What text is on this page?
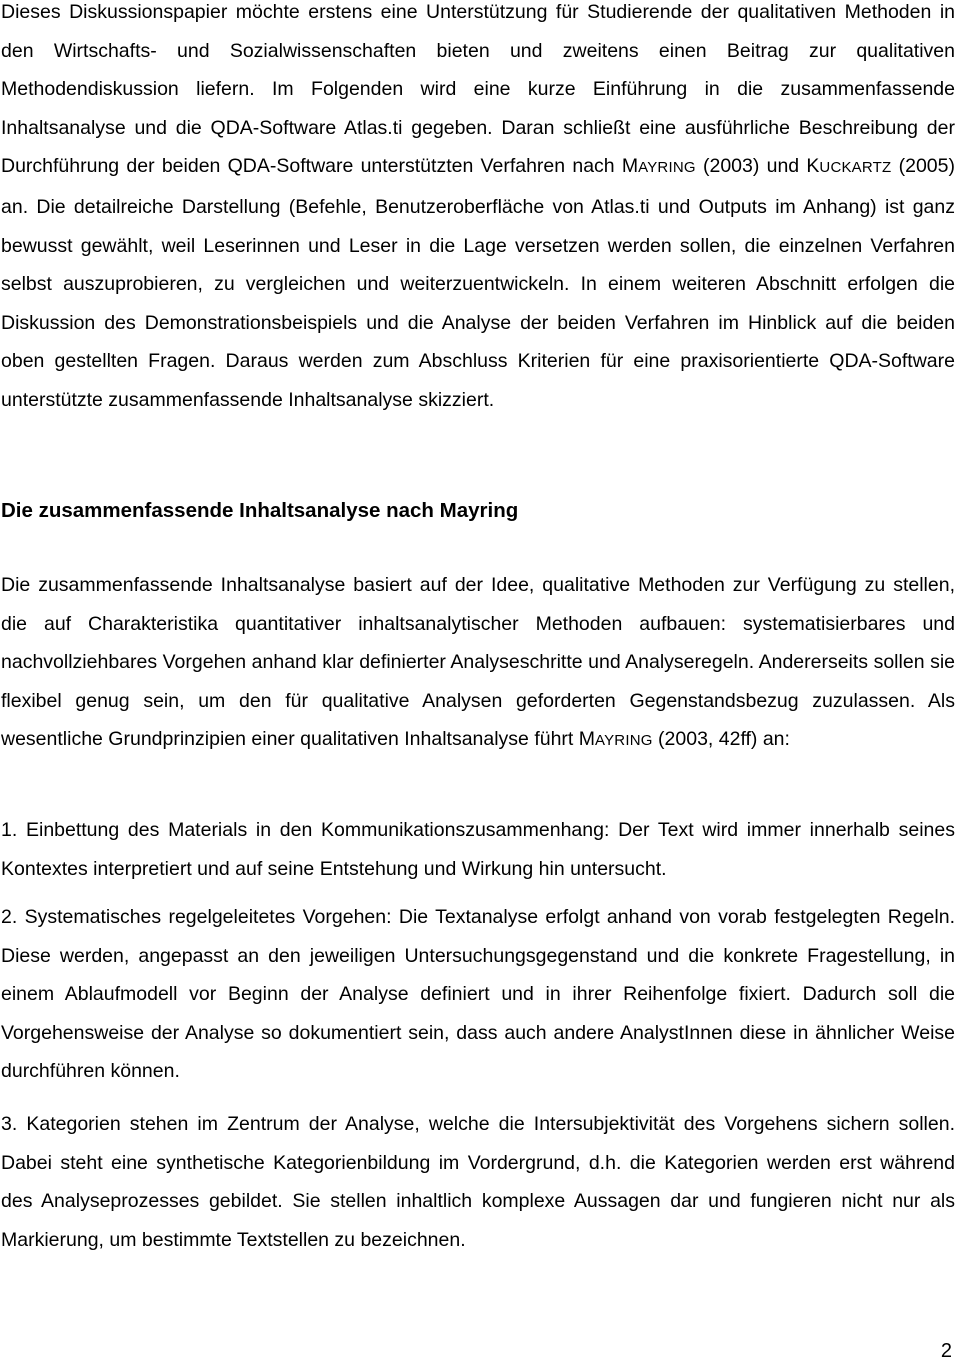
Dieses Diskussionspapier möchte erstens eine Unterstützung für Studierende der qualitativen Methoden in den Wirtschafts- und Sozialwissenschaften bieten und zweitens einen Beitrag zur qualitativen Methodendiskussion liefern. Im Folgenden wird eine kurze Einführung in die zusammenfassende Inhaltsanalyse und die QDA-Software Atlas.ti gegeben. Daran schließt eine ausführliche Beschreibung der Durchführung der beiden QDA-Software unterstützten Verfahren nach MAYRING (2003) und KUCKARTZ (2005) an. Die detailreiche Darstellung (Befehle, Benutzeroberfläche von Atlas.ti und Outputs im Anhang) ist ganz bewusst gewählt, weil Leserinnen und Leser in die Lage versetzen werden sollen, die einzelnen Verfahren selbst auszuprobieren, zu vergleichen und weiterzuentwickeln. In einem weiteren Abschnitt erfolgen die Diskussion des Demonstrationsbeispiels und die Analyse der beiden Verfahren im Hinblick auf die beiden oben gestellten Fragen. Daraus werden zum Abschluss Kriterien für eine praxisorientierte QDA-Software unterstützte zusammenfassende Inhaltsanalyse skizziert.

Die zusammenfassende Inhaltsanalyse nach Mayring

Die zusammenfassende Inhaltsanalyse basiert auf der Idee, qualitative Methoden zur Verfügung zu stellen, die auf Charakteristika quantitativer inhaltsanalytischer Methoden aufbauen: systematisierbares und nachvollziehbares Vorgehen anhand klar definierter Analyseschritte und Analyseregeln. Andererseits sollen sie flexibel genug sein, um den für qualitative Analysen geforderten Gegenstandsbezug zuzulassen. Als wesentliche Grundprinzipien einer qualitativen Inhaltsanalyse führt MAYRING (2003, 42ff) an:

1. Einbettung des Materials in den Kommunikationszusammenhang: Der Text wird immer innerhalb seines Kontextes interpretiert und auf seine Entstehung und Wirkung hin untersucht.

2. Systematisches regelgeleitetes Vorgehen: Die Textanalyse erfolgt anhand von vorab festgelegten Regeln. Diese werden, angepasst an den jeweiligen Untersuchungsgegenstand und die konkrete Fragestellung, in einem Ablaufmodell vor Beginn der Analyse definiert und in ihrer Reihenfolge fixiert. Dadurch soll die Vorgehensweise der Analyse so dokumentiert sein, dass auch andere AnalystInnen diese in ähnlicher Weise durchführen können.

3. Kategorien stehen im Zentrum der Analyse, welche die Intersubjektivität des Vorgehens sichern sollen. Dabei steht eine synthetische Kategorienbildung im Vordergrund, d.h. die Kategorien werden erst während des Analyseprozesses gebildet. Sie stellen inhaltlich komplexe Aussagen dar und fungieren nicht nur als Markierung, um bestimmte Textstellen zu bezeichnen.

2
